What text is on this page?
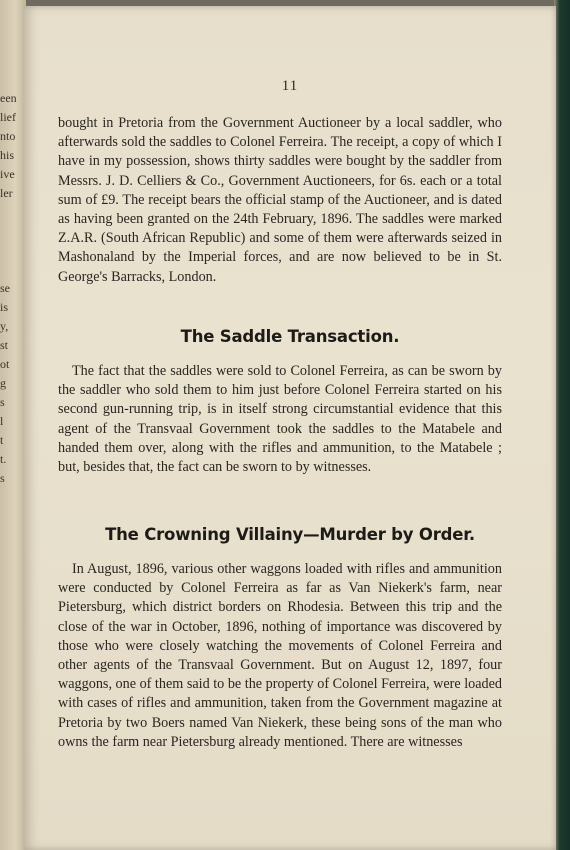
een
lief
nto
his
ive
ler
se
is
y,
st
ot
g
s
l
t
t.
s
11

bought in Pretoria from the Government Auctioneer by a local saddler, who afterwards sold the saddles to Colonel Ferreira. The receipt, a copy of which I have in my possession, shows thirty saddles were bought by the saddler from Messrs. J. D. Celliers & Co., Government Auctioneers, for 6s. each or a total sum of £9. The receipt bears the official stamp of the Auctioneer, and is dated as having been granted on the 24th February, 1896. The saddles were marked Z.A.R. (South African Republic) and some of them were afterwards seized in Mashonaland by the Imperial forces, and are now believed to be in St. George's Barracks, London.

The Saddle Transaction.

The fact that the saddles were sold to Colonel Ferreira, as can be sworn by the saddler who sold them to him just before Colonel Ferreira started on his second gun-running trip, is in itself strong circumstantial evidence that this agent of the Transvaal Government took the saddles to the Matabele and handed them over, along with the rifles and ammunition, to the Matabele ; but, besides that, the fact can be sworn to by witnesses.

The Crowning Villainy—Murder by Order.

In August, 1896, various other waggons loaded with rifles and ammunition were conducted by Colonel Ferreira as far as Van Niekerk's farm, near Pietersburg, which district borders on Rhodesia. Between this trip and the close of the war in October, 1896, nothing of importance was discovered by those who were closely watching the movements of Colonel Ferreira and other agents of the Transvaal Government. But on August 12, 1897, four waggons, one of them said to be the property of Colonel Ferreira, were loaded with cases of rifles and ammunition, taken from the Government magazine at Pretoria by two Boers named Van Niekerk, these being sons of the man who owns the farm near Pietersburg already mentioned. There are witnesses
